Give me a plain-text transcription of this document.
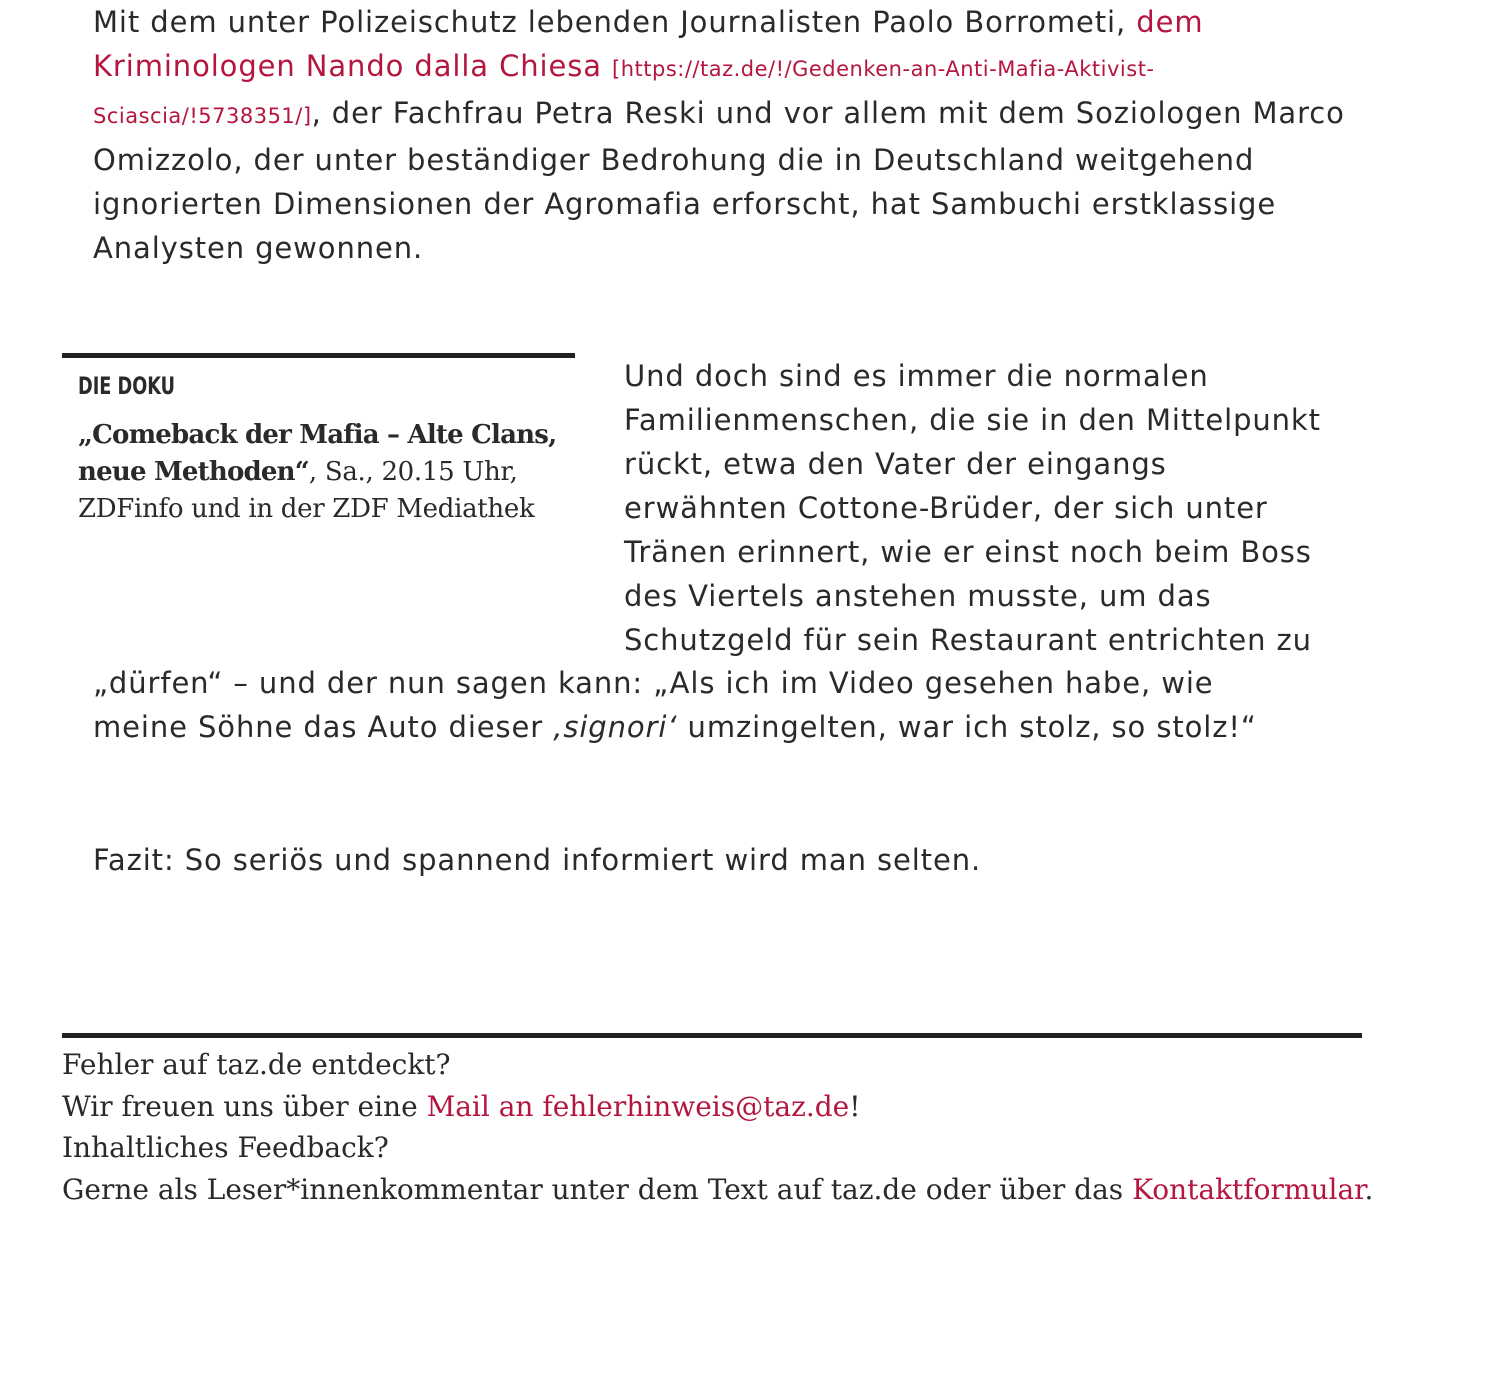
Mit dem unter Polizeischutz lebenden Journalisten Paolo Borrometi, dem Kriminologen Nando dalla Chiesa [https://taz.de/!/Gedenken-an-Anti-Mafia-Aktivist-Sciascia/!5738351/], der Fachfrau Petra Reski und vor allem mit dem Soziologen Marco Omizzolo, der unter beständiger Bedrohung die in Deutschland weitgehend ignorierten Dimensionen der Agromafia erforscht, hat Sambuchi erstklassige Analysten gewonnen.

DIE DOKU
„Comeback der Mafia – Alte Clans, neue Methoden“, Sa., 20.15 Uhr, ZDFinfo und in der ZDF Mediathek
Und doch sind es immer die normalen
Familienmenschen, die sie in den Mittelpunkt
rückt, etwa den Vater der eingangs
erwähnten Cottone-Brüder, der sich unter
Tränen erinnert, wie er einst noch beim Boss
des Viertels anstehen musste, um das
Schutzgeld für sein Restaurant entrichten zu
„dürfen“ – und der nun sagen kann: „Als ich im Video gesehen habe, wie
meine Söhne das Auto dieser ‚signori‘ umzingelten, war ich stolz, so stolz!“

Fazit: So seriös und spannend informiert wird man selten.

Fehler auf taz.de entdeckt?
Wir freuen uns über eine Mail an fehlerhinweis@taz.de!
Inhaltliches Feedback?
Gerne als Leser*innenkommentar unter dem Text auf taz.de oder über das Kontaktformular.
